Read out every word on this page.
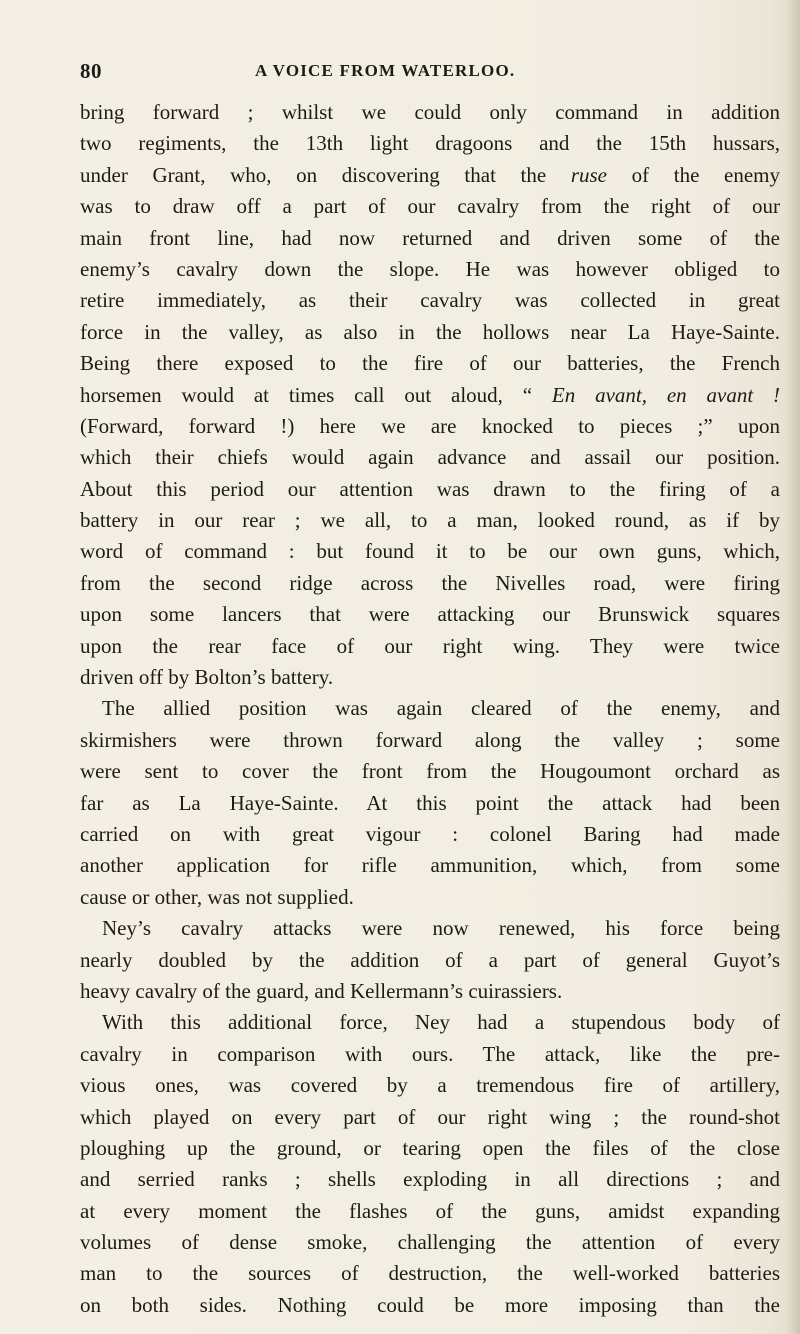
80	A VOICE FROM WATERLOO.
bring forward ; whilst we could only command in addition
two regiments, the 13th light dragoons and the 15th hussars,
under Grant, who, on discovering that the ruse of the enemy
was to draw off a part of our cavalry from the right of our
main front line, had now returned and driven some of the
enemy’s cavalry down the slope. He was however obliged to
retire immediately, as their cavalry was collected in great
force in the valley, as also in the hollows near La Haye-Sainte.
Being there exposed to the fire of our batteries, the French
horsemen would at times call out aloud, “ En avant, en avant !
(Forward, forward !) here we are knocked to pieces ;” upon
which their chiefs would again advance and assail our position.
About this period our attention was drawn to the firing of a
battery in our rear ; we all, to a man, looked round, as if by
word of command : but found it to be our own guns, which,
from the second ridge across the Nivelles road, were firing
upon some lancers that were attacking our Brunswick squares
upon the rear face of our right wing. They were twice
driven off by Bolton’s battery.
The allied position was again cleared of the enemy, and
skirmishers were thrown forward along the valley ; some
were sent to cover the front from the Hougoumont orchard as
far as La Haye-Sainte. At this point the attack had been
carried on with great vigour : colonel Baring had made
another application for rifle ammunition, which, from some
cause or other, was not supplied.
Ney’s cavalry attacks were now renewed, his force being
nearly doubled by the addition of a part of general Guyot’s
heavy cavalry of the guard, and Kellermann’s cuirassiers.
With this additional force, Ney had a stupendous body of
cavalry in comparison with ours. The attack, like the pre-
vious ones, was covered by a tremendous fire of artillery,
which played on every part of our right wing ; the round-shot
ploughing up the ground, or tearing open the files of the close
and serried ranks ; shells exploding in all directions ; and
at every moment the flashes of the guns, amidst expanding
volumes of dense smoke, challenging the attention of every
man to the sources of destruction, the well-worked batteries
on both sides. Nothing could be more imposing than the
